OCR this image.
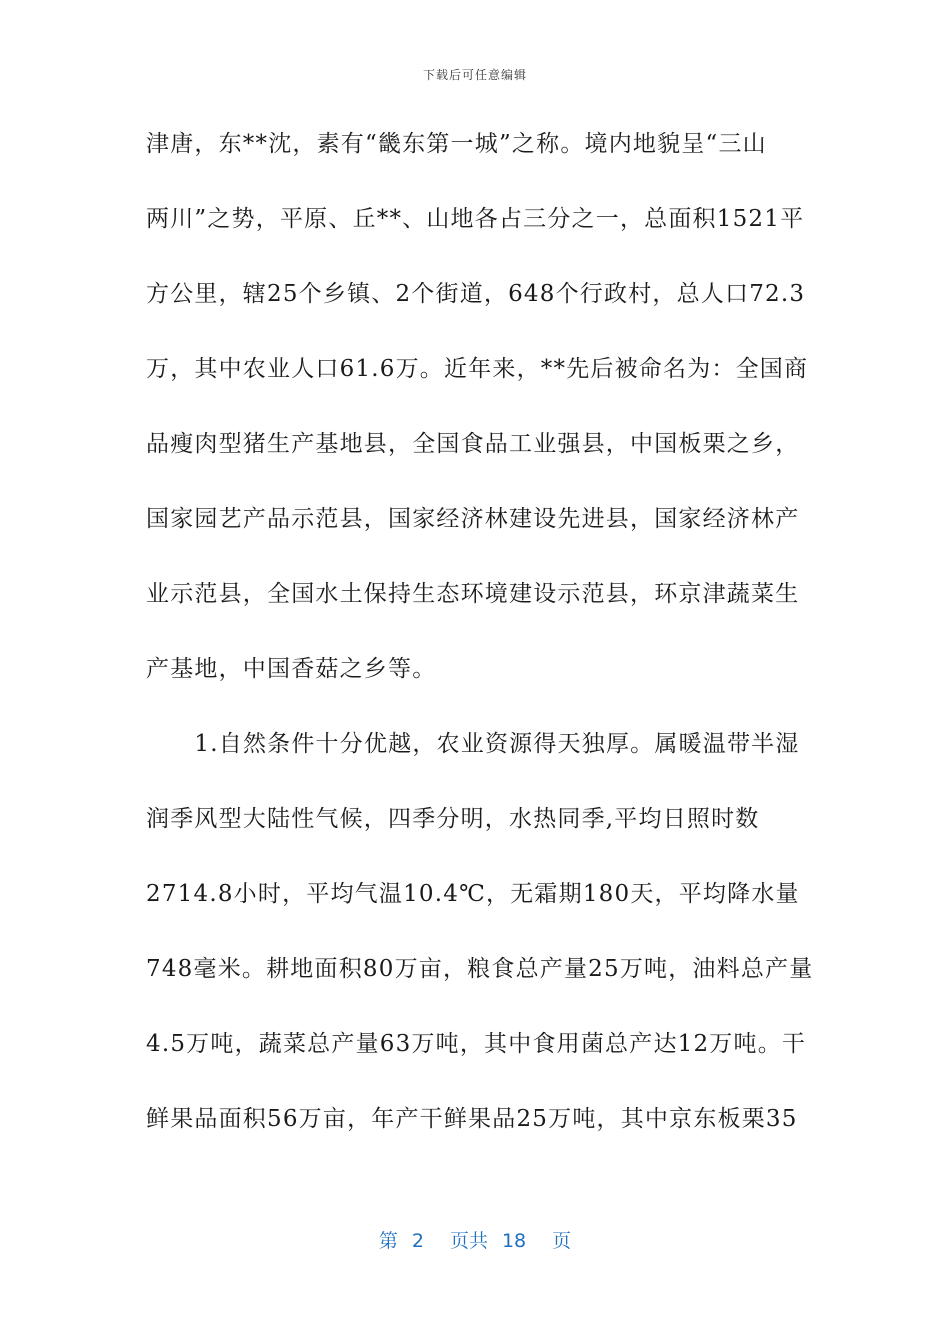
下载后可任意编辑
津唐，东**沈，素有“畿东第一城”之称。境内地貌呈“三山
两川”之势，平原、丘**、山地各占三分之一，总面积1521平
方公里，辖25个乡镇、2个街道，648个行政村，总人口72.3
万，其中农业人口61.6万。近年来，**先后被命名为：全国商
品瘦肉型猪生产基地县，全国食品工业强县，中国板栗之乡，
国家园艺产品示范县，国家经济林建设先进县，国家经济林产
业示范县，全国水土保持生态环境建设示范县，环京津蔬菜生
产基地，中国香菇之乡等。
　　1.自然条件十分优越，农业资源得天独厚。属暖温带半湿
润季风型大陆性气候，四季分明，水热同季,平均日照时数
2714.8小时，平均气温10.4℃，无霜期180天，平均降水量
748毫米。耕地面积80万亩，粮食总产量25万吨，油料总产量
4.5万吨，蔬菜总产量63万吨，其中食用菌总产达12万吨。干
鲜果品面积56万亩，年产干鲜果品25万吨，其中京东板栗35
第 2 页共 18 页
